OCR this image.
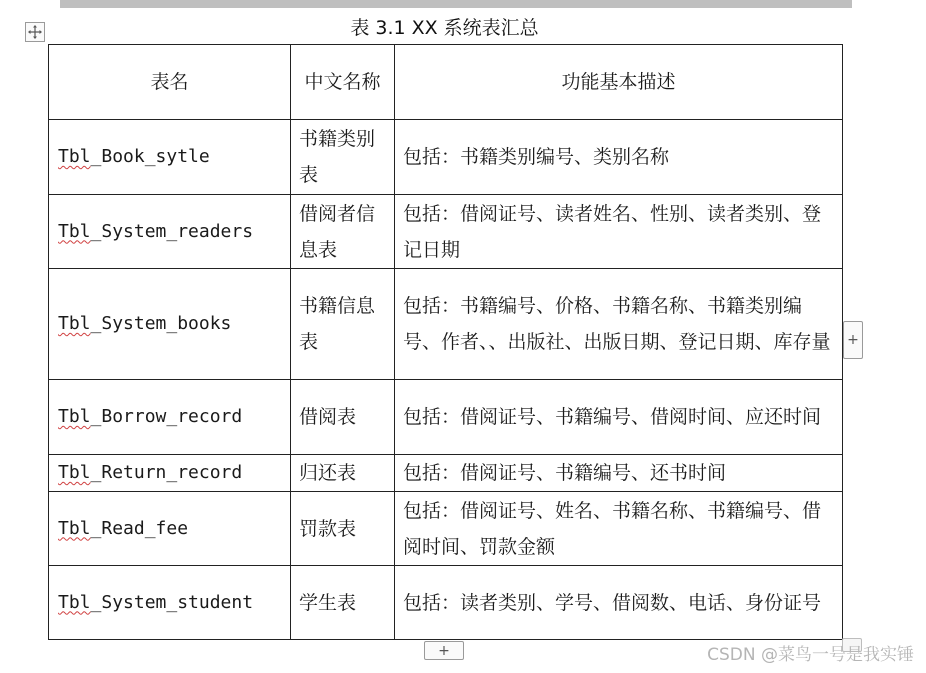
表 3.1 XX 系统表汇总
表名	中文名称	功能基本描述
Tbl_Book_sytle	书籍类别表	包括：书籍类别编号、类别名称
Tbl_System_readers	借阅者信息表	包括：借阅证号、读者姓名、性别、读者类别、登记日期
Tbl_System_books	书籍信息表	包括：书籍编号、价格、书籍名称、书籍类别编号、作者、、出版社、出版日期、登记日期、库存量
Tbl_Borrow_record	借阅表	包括：借阅证号、书籍编号、借阅时间、应还时间
Tbl_Return_record	归还表	包括：借阅证号、书籍编号、还书时间
Tbl_Read_fee	罚款表	包括：借阅证号、姓名、书籍名称、书籍编号、借阅时间、罚款金额
Tbl_System_student	学生表	包括：读者类别、学号、借阅数、电话、身份证号
+
+	CSDN @菜鸟一号是我实锤
